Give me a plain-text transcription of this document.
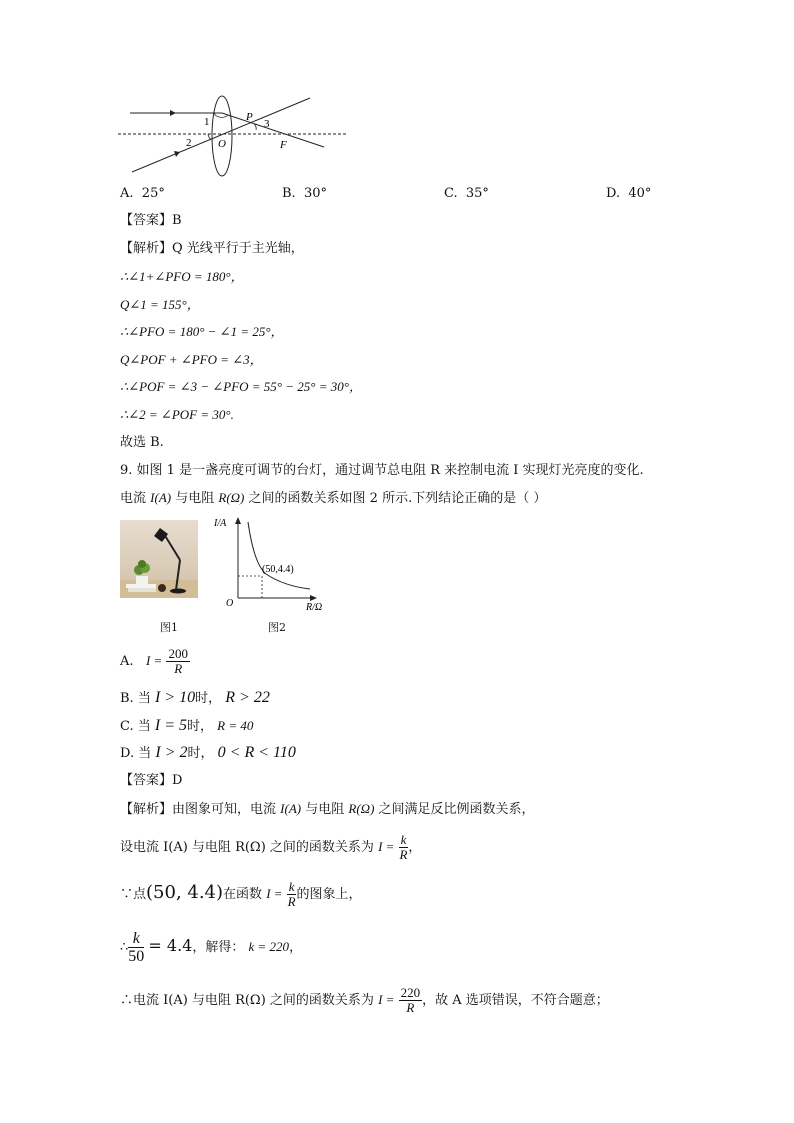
1
2
3
P
O	F
A. 25°	B. 30°	C. 35°	D. 40°
【答案】B
【解析】Q 光线平行于主光轴，
∴∠1+∠PFO = 180°，
Q∠1 = 155°，
∴∠PFO = 180° − ∠1 = 25°，
Q∠POF + ∠PFO = ∠3，
∴∠POF = ∠3 − ∠PFO = 55° − 25° = 30°，
∴∠2 = ∠POF = 30°.
故选 B.
9. 如图 1 是一盏亮度可调节的台灯，通过调节总电阻 R 来控制电流 I 实现灯光亮度的变化.
电流 I(A) 与电阻 R(Ω) 之间的函数关系如图 2 所示.下列结论正确的是（ ）
I/A
R/Ω
O
(50,4.4)
图1	图2
A. $I = \frac{200}{R}$
B. 当 I > 10时， R > 22
C. 当 I = 5时， R = 40
D. 当 I > 2时， 0 < R < 110
【答案】D
【解析】由图象可知，电流 I(A) 与电阻 R(Ω) 之间满足反比例函数关系，
设电流 I(A) 与电阻 R(Ω) 之间的函数关系为 $I = \frac{k}{R}$ ，
∵点(50, 4.4)在函数 $I = \frac{k}{R}$ 的图象上，
∴ $\frac{k}{50} = 4.4$，解得： k = 220，
∴电流 I(A) 与电阻 R(Ω) 之间的函数关系为 $I = \frac{220}{R}$ ，故 A 选项错误，不符合题意；
